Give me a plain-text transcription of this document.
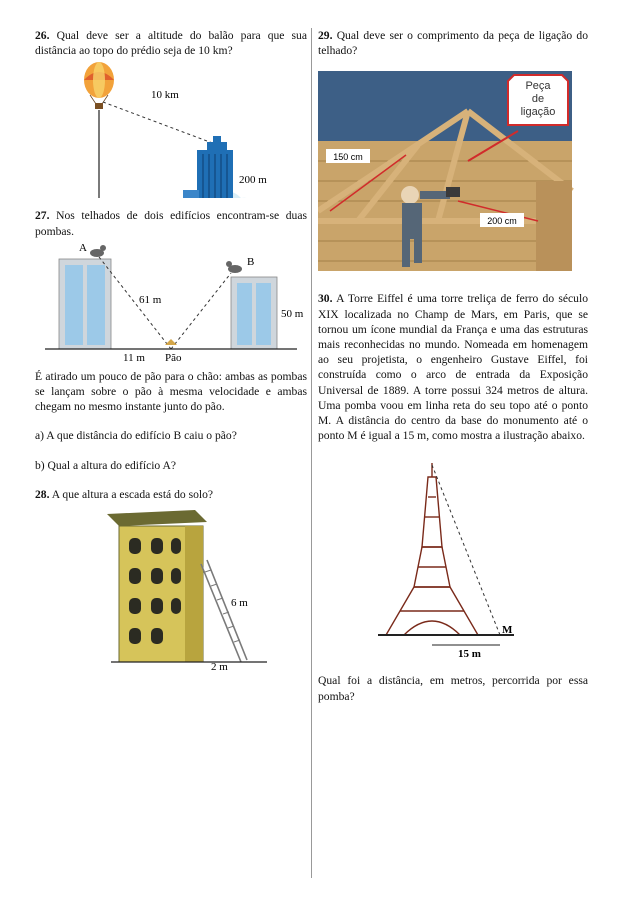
26. Qual deve ser a altitude do balão para que sua distância ao topo do prédio seja de 10 km?

10 km
200 m

27. Nos telhados de dois edifícios encontram-se duas pombas.

A
B
61 m
50 m
11 m Pão

É atirado um pouco de pão para o chão: ambas as pombas se lançam sobre o pão à mesma velocidade e ambas chegam no mesmo instante junto do pão.

a) A que distância do edifício B caiu o pão?

b) Qual a altura do edifício A?

28. A que altura a escada está do solo?

6 m
2 m

29. Qual deve ser o comprimento da peça de ligação do telhado?

Peça
de
ligação
150 cm
200 cm

30. A Torre Eiffel é uma torre treliça de ferro do século XIX localizada no Champ de Mars, em Paris, que se tornou um ícone mundial da França e uma das estruturas mais reconhecidas no mundo. Nomeada em homenagem ao seu projetista, o engenheiro Gustave Eiffel, foi construída como o arco de entrada da Exposição Universal de 1889. A torre possui 324 metros de altura. Uma pomba voou em linha reta do seu topo até o ponto M. A distância do centro da base do monumento até o ponto M é igual a 15 m, como mostra a ilustração abaixo.

M
15 m

Qual foi a distância, em metros, percorrida por essa pomba?
